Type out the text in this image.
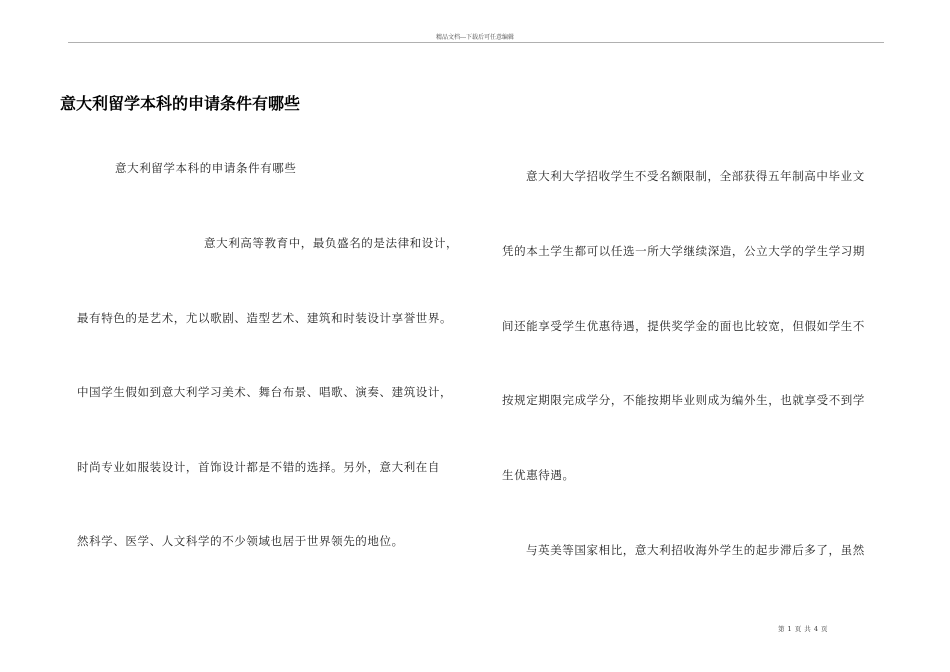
精品文档---下载后可任意编辑
意大利留学本科的申请条件有哪些
意大利留学本科的申请条件有哪些
意大利高等教育中，最负盛名的是法律和设计，
最有特色的是艺术，尤以歌剧、造型艺术、建筑和时装设计享誉世界。
中国学生假如到意大利学习美术、舞台布景、唱歌、演奏、建筑设计，
时尚专业如服装设计，首饰设计都是不错的选择。另外，意大利在自
然科学、医学、人文科学的不少领域也居于世界领先的地位。
意大利大学招收学生不受名额限制，全部获得五年制高中毕业文
凭的本土学生都可以任选一所大学继续深造，公立大学的学生学习期
间还能享受学生优惠待遇，提供奖学金的面也比较宽，但假如学生不
按规定期限完成学分，不能按期毕业则成为编外生，也就享受不到学
生优惠待遇。
与英美等国家相比，意大利招收海外学生的起步滞后多了，虽然
第 1 页 共 4 页
